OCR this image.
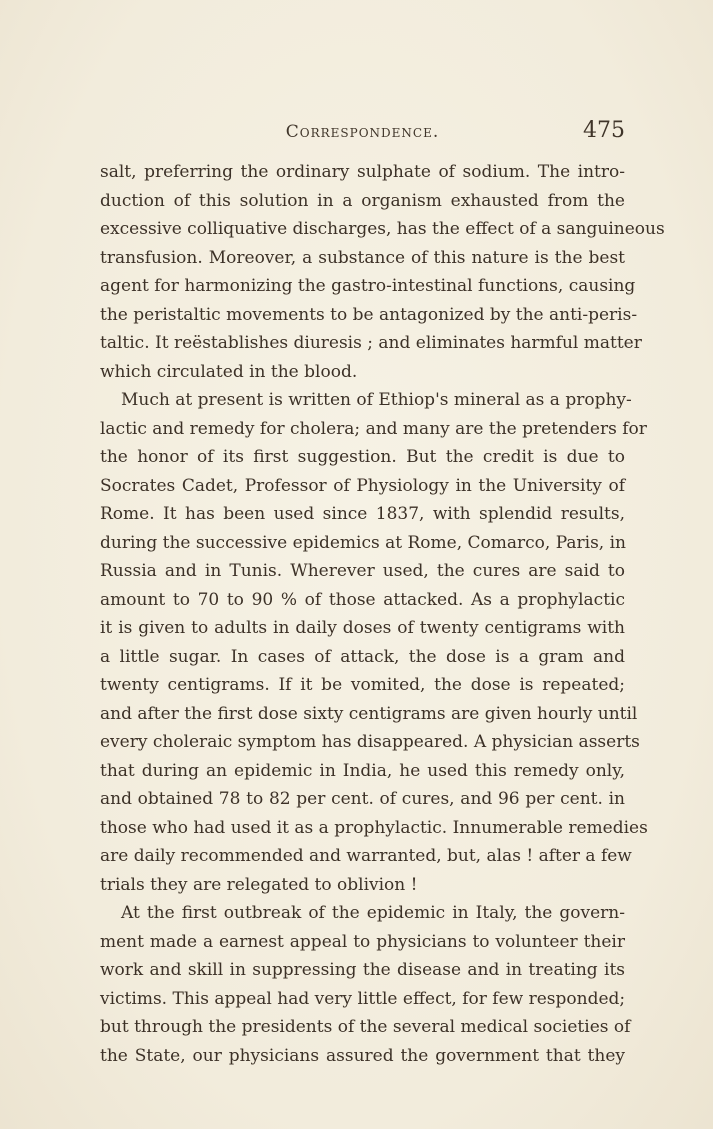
Correspondence.	475
salt, preferring the ordinary sulphate of sodium. The intro-
duction of this solution in a organism exhausted from the
excessive colliquative discharges, has the effect of a sanguineous
transfusion. Moreover, a substance of this nature is the best
agent for harmonizing the gastro-intestinal functions, causing
the peristaltic movements to be antagonized by the anti-peris-
taltic. It reëstablishes diuresis ; and eliminates harmful matter
which circulated in the blood.
Much at present is written of Ethiop's mineral as a prophy-
lactic and remedy for cholera; and many are the pretenders for
the honor of its first suggestion. But the credit is due to
Socrates Cadet, Professor of Physiology in the University of
Rome. It has been used since 1837, with splendid results,
during the successive epidemics at Rome, Comarco, Paris, in
Russia and in Tunis. Wherever used, the cures are said to
amount to 70 to 90 % of those attacked. As a prophylactic
it is given to adults in daily doses of twenty centigrams with
a little sugar. In cases of attack, the dose is a gram and
twenty centigrams. If it be vomited, the dose is repeated;
and after the first dose sixty centigrams are given hourly until
every choleraic symptom has disappeared. A physician asserts
that during an epidemic in India, he used this remedy only,
and obtained 78 to 82 per cent. of cures, and 96 per cent. in
those who had used it as a prophylactic. Innumerable remedies
are daily recommended and warranted, but, alas ! after a few
trials they are relegated to oblivion !
At the first outbreak of the epidemic in Italy, the govern-
ment made a earnest appeal to physicians to volunteer their
work and skill in suppressing the disease and in treating its
victims. This appeal had very little effect, for few responded;
but through the presidents of the several medical societies of
the State, our physicians assured the government that they
